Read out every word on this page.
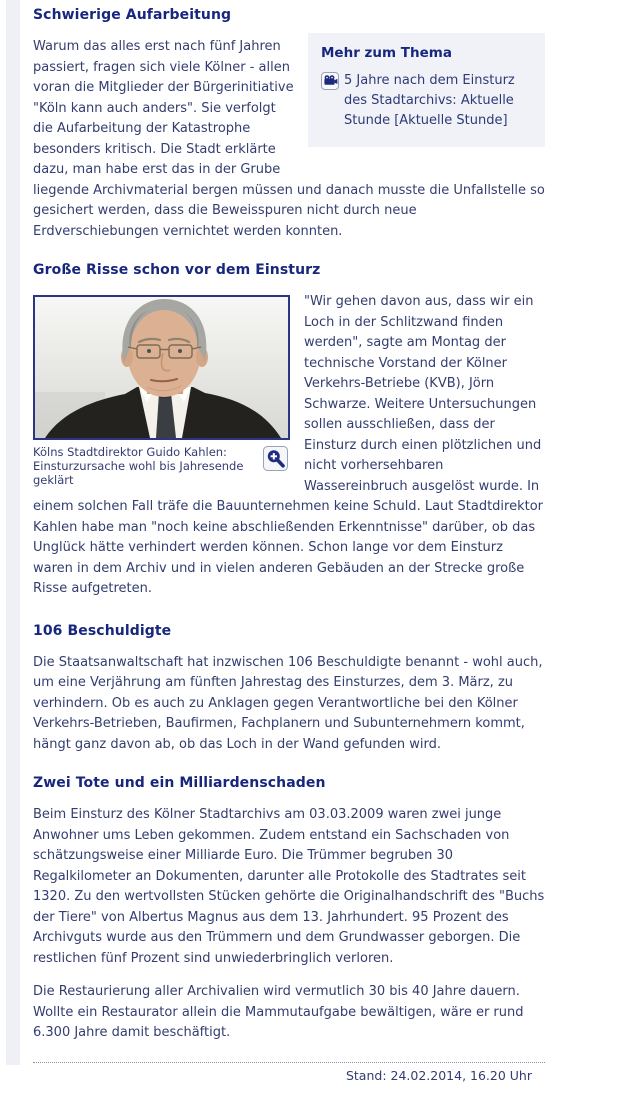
Schwierige Aufarbeitung
Mehr zum Thema
5 Jahre nach dem Einsturz des Stadtarchivs: Aktuelle Stunde [Aktuelle Stunde]
Warum das alles erst nach fünf Jahren passiert, fragen sich viele Kölner - allen voran die Mitglieder der Bürgerinitiative "Köln kann auch anders". Sie verfolgt die Aufarbeitung der Katastrophe besonders kritisch. Die Stadt erklärte dazu, man habe erst das in der Grube liegende Archivmaterial bergen müssen und danach musste die Unfallstelle so gesichert werden, dass die Beweisspuren nicht durch neue Erdverschiebungen vernichtet werden konnten.
Große Risse schon vor dem Einsturz
Kölns Stadtdirektor Guido Kahlen: Einsturzursache wohl bis Jahresende geklärt
"Wir gehen davon aus, dass wir ein Loch in der Schlitzwand finden werden", sagte am Montag der technische Vorstand der Kölner Verkehrs-Betriebe (KVB), Jörn Schwarze. Weitere Untersuchungen sollen ausschließen, dass der Einsturz durch einen plötzlichen und nicht vorhersehbaren Wassereinbruch ausgelöst wurde. In einem solchen Fall träfe die Bauunternehmen keine Schuld. Laut Stadtdirektor Kahlen habe man "noch keine abschließenden Erkenntnisse" darüber, ob das Unglück hätte verhindert werden können. Schon lange vor dem Einsturz waren in dem Archiv und in vielen anderen Gebäuden an der Strecke große Risse aufgetreten.
106 Beschuldigte
Die Staatsanwaltschaft hat inzwischen 106 Beschuldigte benannt - wohl auch, um eine Verjährung am fünften Jahrestag des Einsturzes, dem 3. März, zu verhindern. Ob es auch zu Anklagen gegen Verantwortliche bei den Kölner Verkehrs-Betrieben, Baufirmen, Fachplanern und Subunternehmern kommt, hängt ganz davon ab, ob das Loch in der Wand gefunden wird.
Zwei Tote und ein Milliardenschaden
Beim Einsturz des Kölner Stadtarchivs am 03.03.2009 waren zwei junge Anwohner ums Leben gekommen. Zudem entstand ein Sachschaden von schätzungsweise einer Milliarde Euro. Die Trümmer begruben 30 Regalkilometer an Dokumenten, darunter alle Protokolle des Stadtrates seit 1320. Zu den wertvollsten Stücken gehörte die Originalhandschrift des "Buchs der Tiere" von Albertus Magnus aus dem 13. Jahrhundert. 95 Prozent des Archivguts wurde aus den Trümmern und dem Grundwasser geborgen. Die restlichen fünf Prozent sind unwiederbringlich verloren.
Die Restaurierung aller Archivalien wird vermutlich 30 bis 40 Jahre dauern. Wollte ein Restaurator allein die Mammutaufgabe bewältigen, wäre er rund 6.300 Jahre damit beschäftigt.
Stand: 24.02.2014, 16.20 Uhr
